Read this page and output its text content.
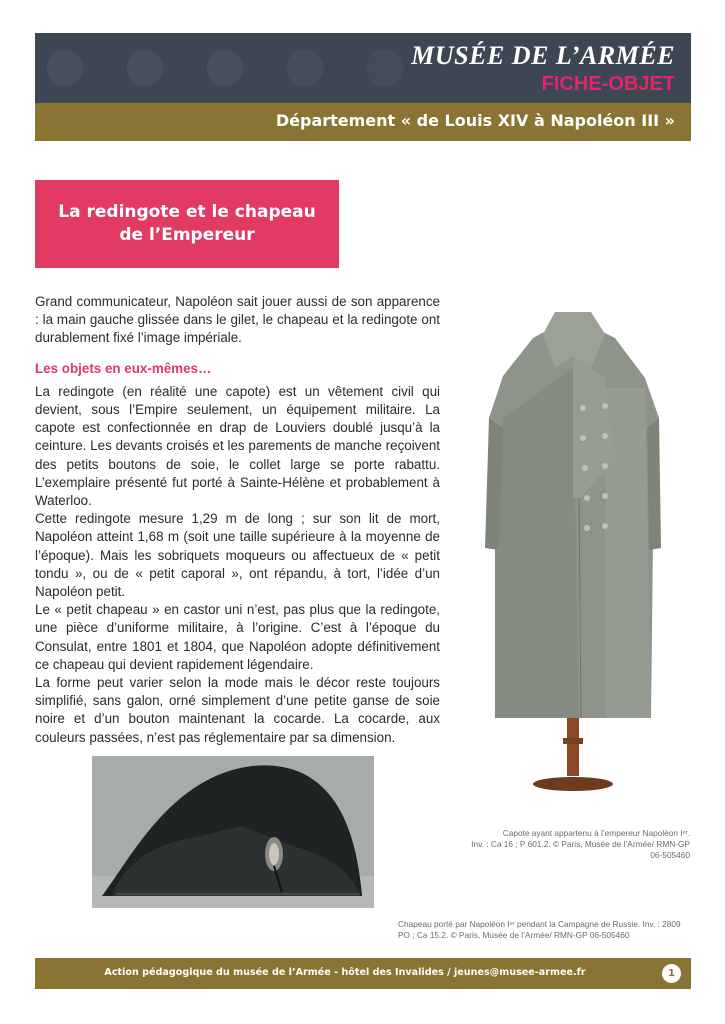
MUSÉE DE L’ARMÉE
FICHE-OBJET
Département « de Louis XIV à Napoléon III »
La redingote et le chapeau de l’Empereur

Grand communicateur, Napoléon sait jouer aussi de son apparence : la main gauche glissée dans le gilet, le chapeau et la redingote ont durablement fixé l’image impériale.

Les objets en eux-mêmes…

La redingote (en réalité une capote) est un vêtement civil qui devient, sous l’Empire seulement, un équipement militaire. La capote est confectionnée en drap de Louviers doublé jusqu’à la ceinture. Les devants croisés et les parements de manche reçoivent des petits boutons de soie, le collet large se porte rabattu. L’exemplaire présenté fut porté à Sainte-Hélène et probablement à Waterloo.

Cette redingote mesure 1,29 m de long ; sur son lit de mort, Napoléon atteint 1,68 m (soit une taille supérieure à la moyenne de l’époque). Mais les sobriquets moqueurs ou affectueux de « petit tondu », ou de « petit caporal », ont répandu, à tort, l’idée d’un Napoléon petit.

Le « petit chapeau » en castor uni n’est, pas plus que la redingote, une pièce d’uniforme militaire, à l’origine. C’est à l’époque du Consulat, entre 1801 et 1804, que Napoléon adopte définitivement ce chapeau qui devient rapidement légendaire.

La forme peut varier selon la mode mais le décor reste toujours simplifié, sans galon, orné simplement d’une petite ganse de soie noire et d’un bouton maintenant la cocarde. La cocarde, aux couleurs passées, n’est pas réglementaire par sa dimension.

Capote ayant appartenu à l’empereur Napoléon Iᵉʳ.
Inv. : Ca 16 ; P 601.2. © Paris, Musée de l’Armée/ RMN-GP
06-505460
Chapeau porté par Napoléon Iᵉʳ pendant la Campagne de Russie. Inv. : 2809 PO ; Ca 15.2. © Paris, Musée de l’Armée/ RMN-GP 06-505460
Action pédagogique du musée de l’Armée - hôtel des Invalides / jeunes@musee-armee.fr	1
